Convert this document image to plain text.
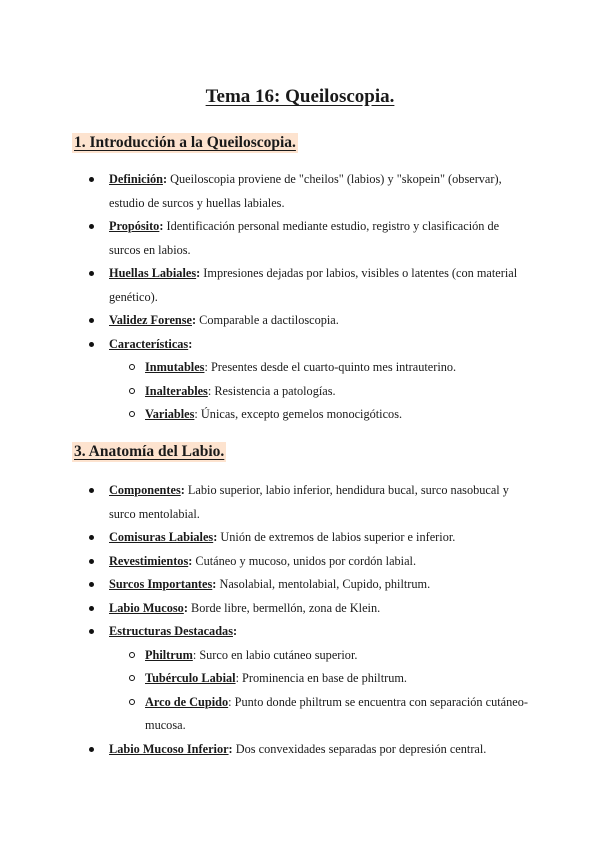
Tema 16: Queiloscopia.
1. Introducción a la Queiloscopia.
Definición: Queiloscopia proviene de "cheilos" (labios) y "skopein" (observar), estudio de surcos y huellas labiales.
Propósito: Identificación personal mediante estudio, registro y clasificación de surcos en labios.
Huellas Labiales: Impresiones dejadas por labios, visibles o latentes (con material genético).
Validez Forense: Comparable a dactiloscopia.
Características:
Inmutables: Presentes desde el cuarto-quinto mes intrauterino.
Inalterables: Resistencia a patologías.
Variables: Únicas, excepto gemelos monocigóticos.
3. Anatomía del Labio.
Componentes: Labio superior, labio inferior, hendidura bucal, surco nasobucal y surco mentolabial.
Comisuras Labiales: Unión de extremos de labios superior e inferior.
Revestimientos: Cutáneo y mucoso, unidos por cordón labial.
Surcos Importantes: Nasolabial, mentolabial, Cupido, philtrum.
Labio Mucoso: Borde libre, bermellón, zona de Klein.
Estructuras Destacadas:
Philtrum: Surco en labio cutáneo superior.
Tubérculo Labial: Prominencia en base de philtrum.
Arco de Cupido: Punto donde philtrum se encuentra con separación cutáneo-mucosa.
Labio Mucoso Inferior: Dos convexidades separadas por depresión central.
